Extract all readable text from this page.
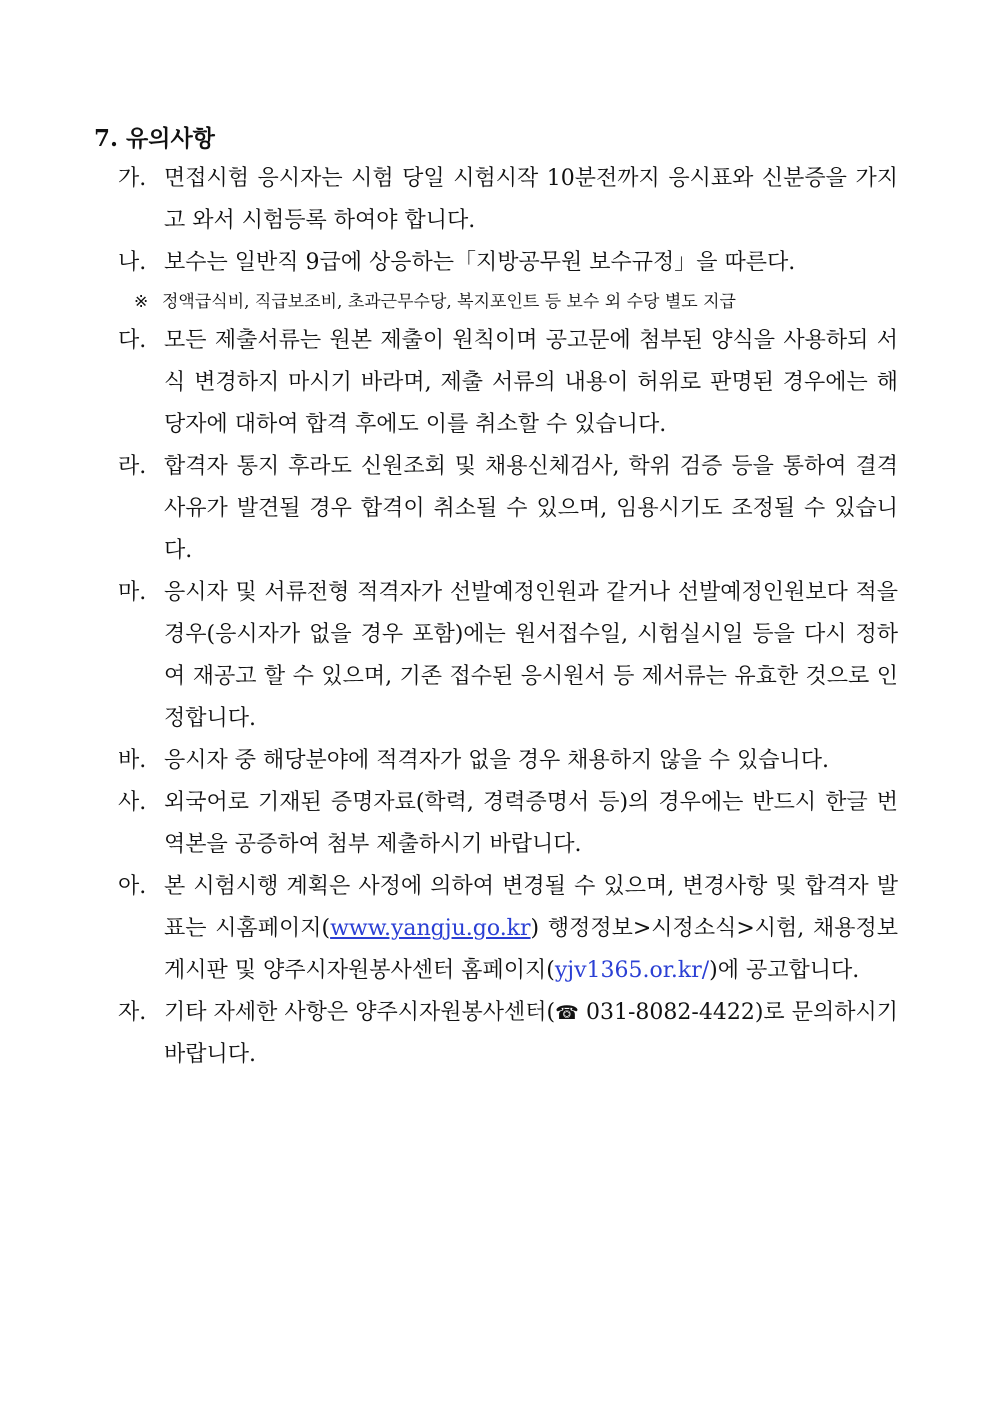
7. 유의사항
가. 면접시험 응시자는 시험 당일 시험시작 10분전까지 응시표와 신분증을 가지고 와서 시험등록 하여야 합니다.
나. 보수는 일반직 9급에 상응하는「지방공무원 보수규정」을 따른다.
※ 정액급식비, 직급보조비, 초과근무수당, 복지포인트 등 보수 외 수당 별도 지급
다. 모든 제출서류는 원본 제출이 원칙이며 공고문에 첨부된 양식을 사용하되 서식 변경하지 마시기 바라며, 제출 서류의 내용이 허위로 판명된 경우에는 해당자에 대하여 합격 후에도 이를 취소할 수 있습니다.
라. 합격자 통지 후라도 신원조회 및 채용신체검사, 학위 검증 등을 통하여 결격사유가 발견될 경우 합격이 취소될 수 있으며, 임용시기도 조정될 수 있습니다.
마. 응시자 및 서류전형 적격자가 선발예정인원과 같거나 선발예정인원보다 적을 경우(응시자가 없을 경우 포함)에는 원서접수일, 시험실시일 등을 다시 정하여 재공고 할 수 있으며, 기존 접수된 응시원서 등 제서류는 유효한 것으로 인정합니다.
바. 응시자 중 해당분야에 적격자가 없을 경우 채용하지 않을 수 있습니다.
사. 외국어로 기재된 증명자료(학력, 경력증명서 등)의 경우에는 반드시 한글 번역본을 공증하여 첨부 제출하시기 바랍니다.
아. 본 시험시행 계획은 사정에 의하여 변경될 수 있으며, 변경사항 및 합격자 발표는 시홈페이지(www.yangju.go.kr) 행정정보>시정소식>시험, 채용정보 게시판 및 양주시자원봉사센터 홈페이지(yjv1365.or.kr/)에 공고합니다.
자. 기타 자세한 사항은 양주시자원봉사센터(☎ 031-8082-4422)로 문의하시기 바랍니다.
